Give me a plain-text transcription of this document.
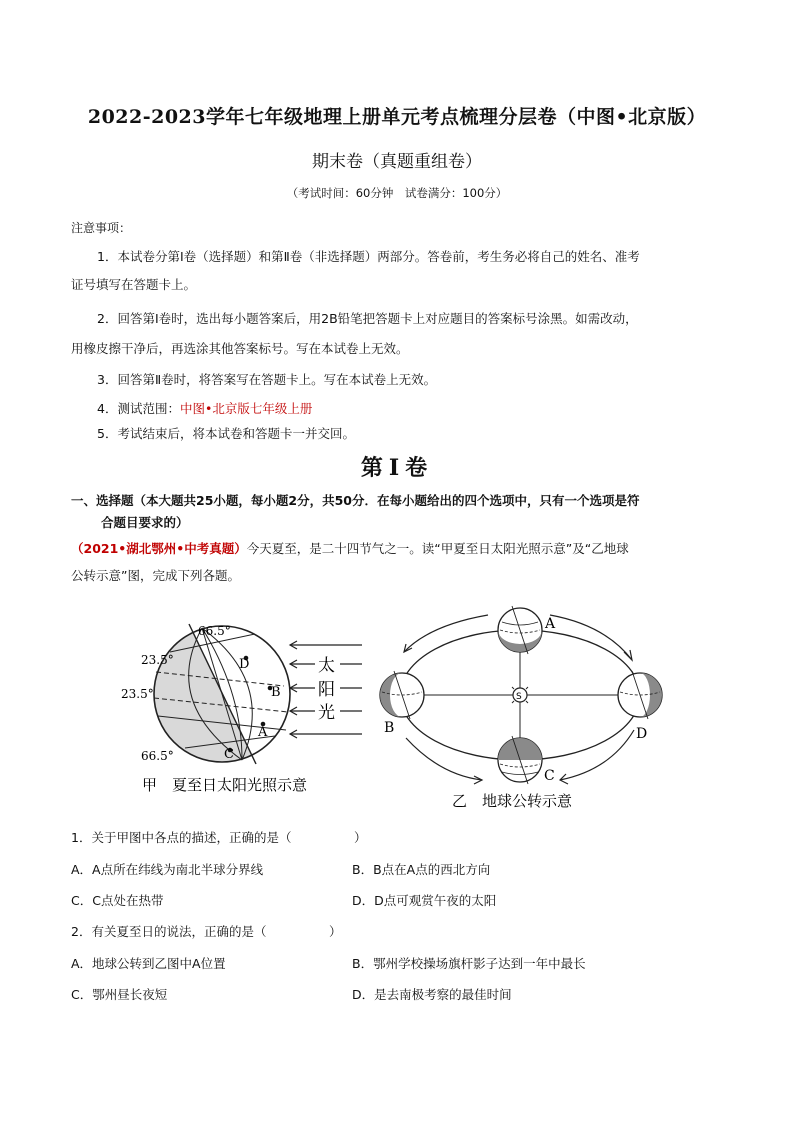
2022-2023学年七年级地理上册单元考点梳理分层卷（中图•北京版）
期末卷（真题重组卷）
（考试时间：60分钟　试卷满分：100分）
注意事项：
1．本试卷分第Ⅰ卷（选择题）和第Ⅱ卷（非选择题）两部分。答卷前，考生务必将自己的姓名、准考
证号填写在答题卡上。
2．回答第Ⅰ卷时，选出每小题答案后，用2B铅笔把答题卡上对应题目的答案标号涂黑。如需改动，
用橡皮擦干净后，再选涂其他答案标号。写在本试卷上无效。
3．回答第Ⅱ卷时，将答案写在答题卡上。写在本试卷上无效。
4．测试范围：中图•北京版七年级上册
5．考试结束后，将本试卷和答题卡一并交回。
第Ⅰ卷
一、选择题（本大题共25小题，每小题2分，共50分．在每小题给出的四个选项中，只有一个选项是符
合题目要求的）
（2021•湖北鄂州•中考真题）今天夏至，是二十四节气之一。读“甲夏至日太阳光照示意”及“乙地球
公转示意”图，完成下列各题。
66.5°
23.5°
23.5°
66.5°
D
B
A
C
太
阳
光
甲　夏至日太阳光照示意
S
A
B
C
D
乙　地球公转示意
1．关于甲图中各点的描述，正确的是（　　　　　）
A．A点所在纬线为南北半球分界线	B．B点在A点的西北方向
C．C点处在热带	D．D点可观赏午夜的太阳
2．有关夏至日的说法，正确的是（　　　　　）
A．地球公转到乙图中A位置	B．鄂州学校操场旗杆影子达到一年中最长
C．鄂州昼长夜短	D．是去南极考察的最佳时间
